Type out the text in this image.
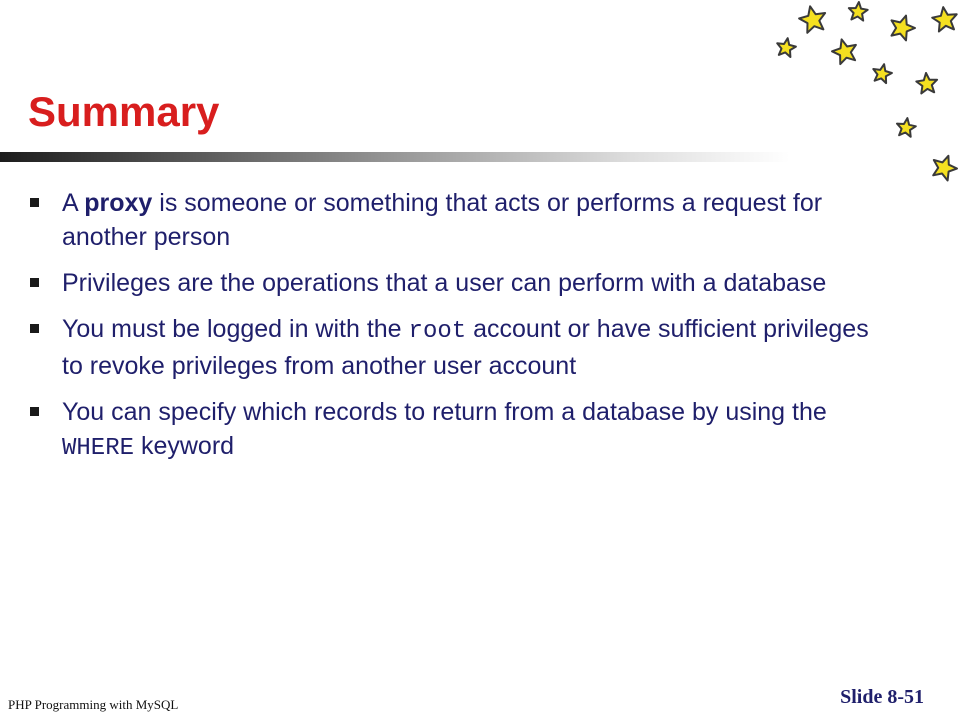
Summary
A proxy is someone or something that acts or performs a request for another person
Privileges are the operations that a user can perform with a database
You must be logged in with the root account or have sufficient privileges to revoke privileges from another user account
You can specify which records to return from a database by using the WHERE keyword
PHP Programming with MySQL	Slide 8-51
